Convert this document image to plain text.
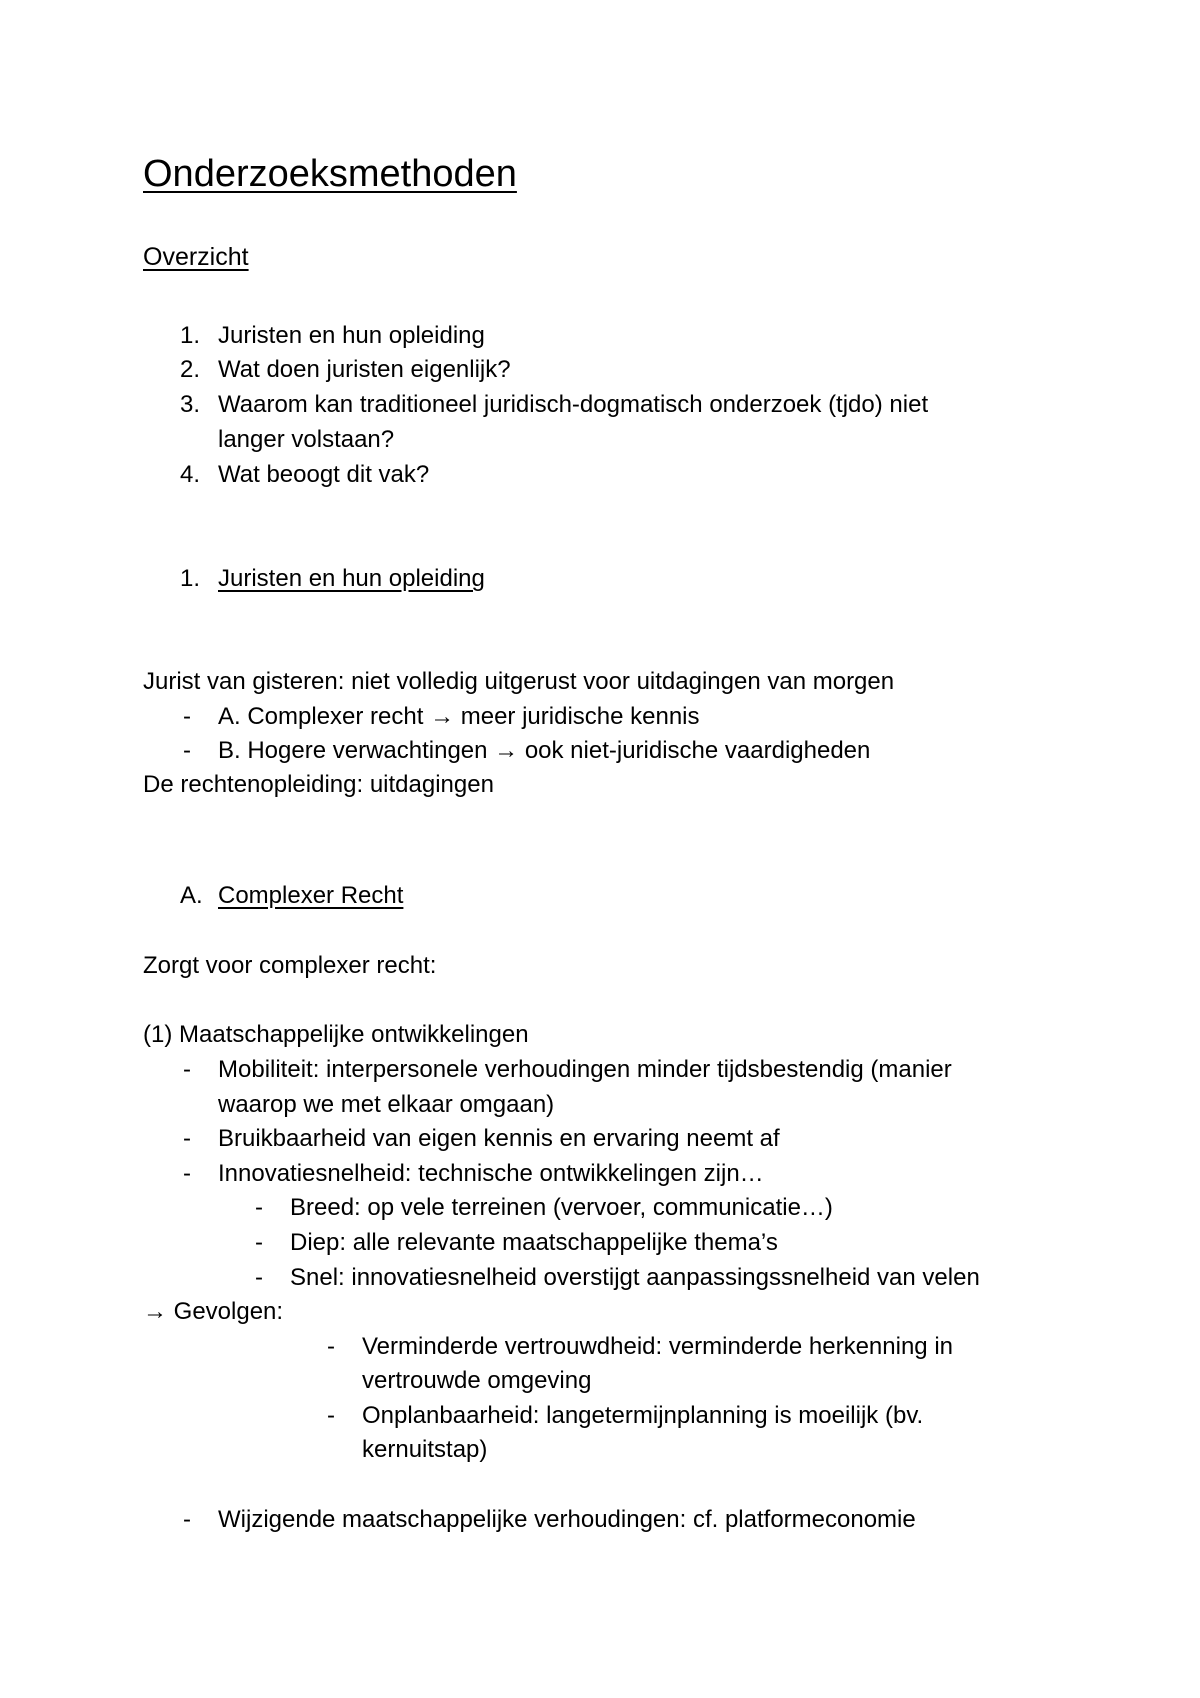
Onderzoeksmethoden
Overzicht
1. Juristen en hun opleiding
2. Wat doen juristen eigenlijk?
3. Waarom kan traditioneel juridisch-dogmatisch onderzoek (tjdo) niet
langer volstaan?
4. Wat beoogt dit vak?
1. Juristen en hun opleiding
Jurist van gisteren: niet volledig uitgerust voor uitdagingen van morgen
- A. Complexer recht → meer juridische kennis
- B. Hogere verwachtingen → ook niet-juridische vaardigheden
De rechtenopleiding: uitdagingen
A. Complexer Recht
Zorgt voor complexer recht:
(1) Maatschappelijke ontwikkelingen
- Mobiliteit: interpersonele verhoudingen minder tijdsbestendig (manier
waarop we met elkaar omgaan)
- Bruikbaarheid van eigen kennis en ervaring neemt af
- Innovatiesnelheid: technische ontwikkelingen zijn…
- Breed: op vele terreinen (vervoer, communicatie…)
- Diep: alle relevante maatschappelijke thema’s
- Snel: innovatiesnelheid overstijgt aanpassingssnelheid van velen
→ Gevolgen:
- Verminderde vertrouwdheid: verminderde herkenning in
vertrouwde omgeving
- Onplanbaarheid: langetermijnplanning is moeilijk (bv.
kernuitstap)
- Wijzigende maatschappelijke verhoudingen: cf. platformeconomie
